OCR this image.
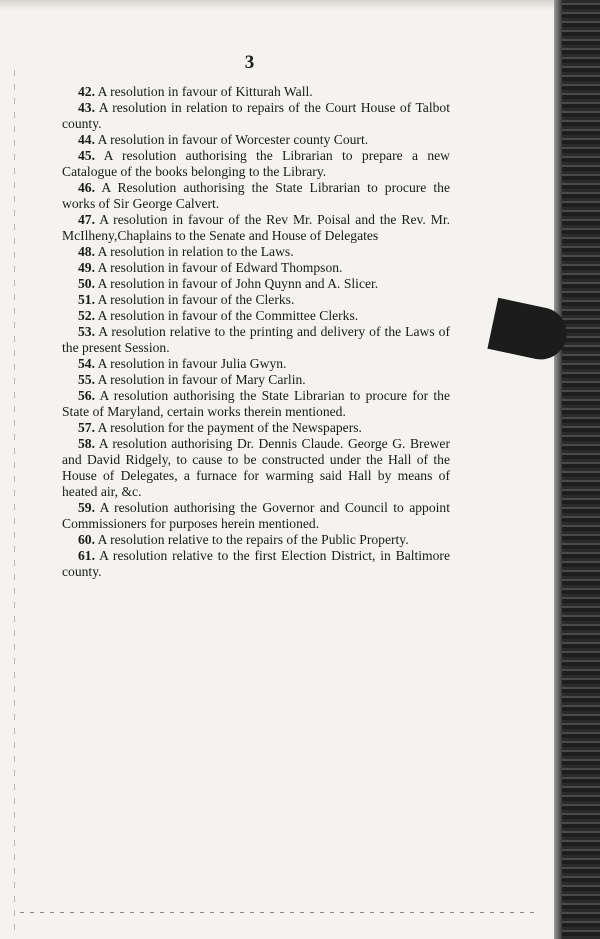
3

42. A resolution in favour of Kitturah Wall.

43. A resolution in relation to repairs of the Court House of Talbot county.

44. A resolution in favour of Worcester county Court.

45. A resolution authorising the Librarian to prepare a new Catalogue of the books belonging to the Library.

46. A Resolution authorising the State Librarian to procure the works of Sir George Calvert.

47. A resolution in favour of the Rev Mr. Poisal and the Rev. Mr. McIlheny,Chaplains to the Senate and House of Delegates

48. A resolution in relation to the Laws.

49. A resolution in favour of Edward Thompson.

50. A resolution in favour of John Quynn and A. Slicer.

51. A resolution in favour of the Clerks.

52. A resolution in favour of the Committee Clerks.

53. A resolution relative to the printing and delivery of the Laws of the present Session.

54. A resolution in favour Julia Gwyn.

55. A resolution in favour of Mary Carlin.

56. A resolution authorising the State Librarian to procure for the State of Maryland, certain works therein mentioned.

57. A resolution for the payment of the Newspapers.

58. A resolution authorising Dr. Dennis Claude. George G. Brewer and David Ridgely, to cause to be constructed under the Hall of the House of Delegates, a furnace for warming said Hall by means of heated air, &c.

59. A resolution authorising the Governor and Council to appoint Commissioners for purposes herein mentioned.

60. A resolution relative to the repairs of the Public Property.

61. A resolution relative to the first Election District, in Baltimore county.
